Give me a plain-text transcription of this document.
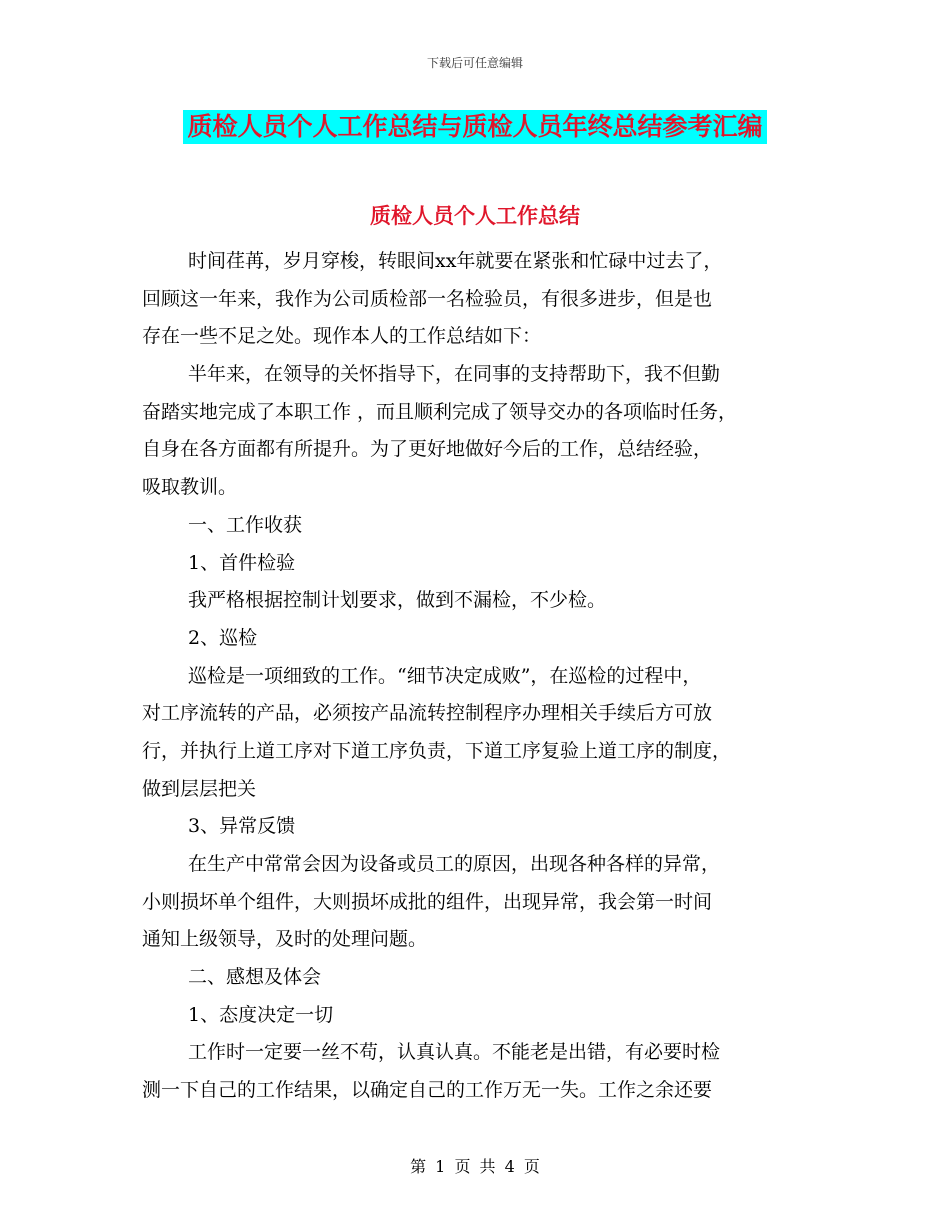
下载后可任意编辑
质检人员个人工作总结与质检人员年终总结参考汇编
质检人员个人工作总结
时间荏苒，岁月穿梭，转眼间xx年就要在紧张和忙碌中过去了，
回顾这一年来，我作为公司质检部一名检验员，有很多进步，但是也
存在一些不足之处。现作本人的工作总结如下：
半年来，在领导的关怀指导下，在同事的支持帮助下，我不但勤
奋踏实地完成了本职工作 ，而且顺利完成了领导交办的各项临时任务，
自身在各方面都有所提升。为了更好地做好今后的工作，总结经验，
吸取教训。
一、工作收获
1、首件检验
我严格根据控制计划要求，做到不漏检，不少检。
2、巡检
巡检是一项细致的工作。“细节决定成败”，在巡检的过程中，
对工序流转的产品，必须按产品流转控制程序办理相关手续后方可放
行，并执行上道工序对下道工序负责，下道工序复验上道工序的制度，
做到层层把关
3、异常反馈
在生产中常常会因为设备或员工的原因，出现各种各样的异常，
小则损坏单个组件，大则损坏成批的组件，出现异常，我会第一时间
通知上级领导，及时的处理问题。
二、感想及体会
1、态度决定一切
工作时一定要一丝不苟，认真认真。不能老是出错，有必要时检
测一下自己的工作结果，以确定自己的工作万无一失。工作之余还要
第 1 页 共 4 页
